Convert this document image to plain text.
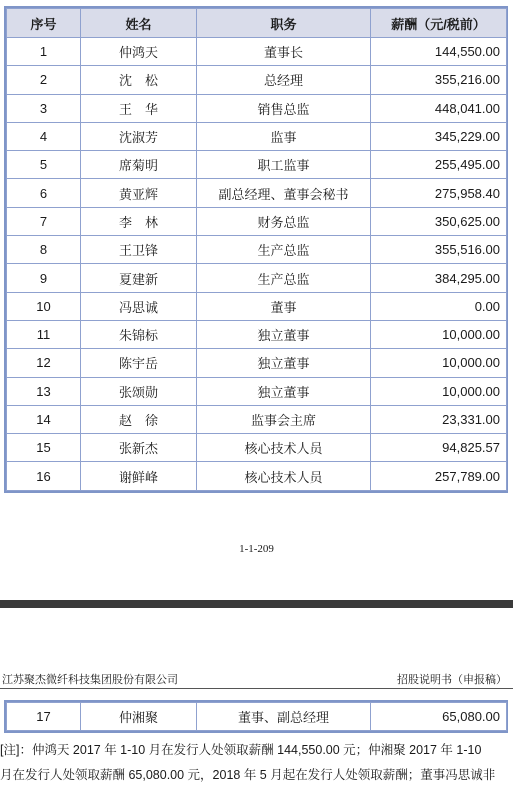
序号	姓名	职务	薪酬（元/税前）
1	仲鸿天	董事长	144,550.00
2	沈　松	总经理	355,216.00
3	王　华	销售总监	448,041.00
4	沈淑芳	监事	345,229.00
5	席菊明	职工监事	255,495.00
6	黄亚辉	副总经理、董事会秘书	275,958.40
7	李　林	财务总监	350,625.00
8	王卫锋	生产总监	355,516.00
9	夏建新	生产总监	384,295.00
10	冯思诚	董事	0.00
11	朱锦标	独立董事	10,000.00
12	陈宇岳	独立董事	10,000.00
13	张颂勋	独立董事	10,000.00
14	赵　徐	监事会主席	23,331.00
15	张新杰	核心技术人员	94,825.57
16	谢鲜峰	核心技术人员	257,789.00
1-1-209
江苏聚杰微纤科技集团股份有限公司	招股说明书（申报稿）
17	仲湘聚	董事、副总经理	65,080.00
[注]：仲鸿天 2017 年 1-10 月在发行人处领取薪酬 144,550.00 元；仲湘聚 2017 年 1-10
月在发行人处领取薪酬 65,080.00 元，2018 年 5 月起在发行人处领取薪酬；董事冯思诚非
